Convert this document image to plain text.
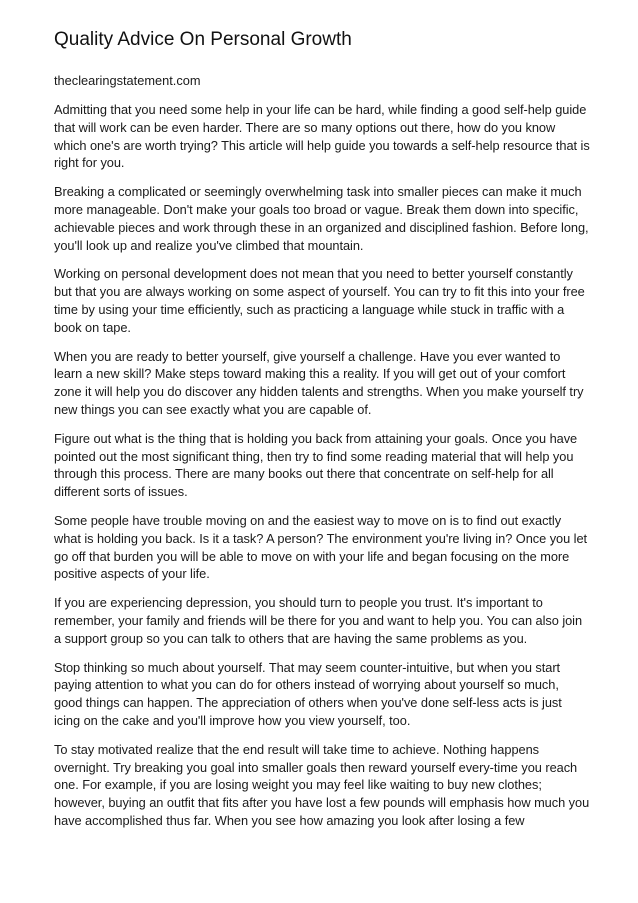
Quality Advice On Personal Growth

theclearingstatement.com

Admitting that you need some help in your life can be hard, while finding a good self-help guide that will work can be even harder. There are so many options out there, how do you know which one's are worth trying? This article will help guide you towards a self-help resource that is right for you.

Breaking a complicated or seemingly overwhelming task into smaller pieces can make it much more manageable. Don't make your goals too broad or vague. Break them down into specific, achievable pieces and work through these in an organized and disciplined fashion. Before long, you'll look up and realize you've climbed that mountain.

Working on personal development does not mean that you need to better yourself constantly but that you are always working on some aspect of yourself. You can try to fit this into your free time by using your time efficiently, such as practicing a language while stuck in traffic with a book on tape.

When you are ready to better yourself, give yourself a challenge. Have you ever wanted to learn a new skill? Make steps toward making this a reality. If you will get out of your comfort zone it will help you do discover any hidden talents and strengths. When you make yourself try new things you can see exactly what you are capable of.

Figure out what is the thing that is holding you back from attaining your goals. Once you have pointed out the most significant thing, then try to find some reading material that will help you through this process. There are many books out there that concentrate on self-help for all different sorts of issues.

Some people have trouble moving on and the easiest way to move on is to find out exactly what is holding you back. Is it a task? A person? The environment you're living in? Once you let go off that burden you will be able to move on with your life and began focusing on the more positive aspects of your life.

If you are experiencing depression, you should turn to people you trust. It's important to remember, your family and friends will be there for you and want to help you. You can also join a support group so you can talk to others that are having the same problems as you.

Stop thinking so much about yourself. That may seem counter-intuitive, but when you start paying attention to what you can do for others instead of worrying about yourself so much, good things can happen. The appreciation of others when you've done self-less acts is just icing on the cake and you'll improve how you view yourself, too.

To stay motivated realize that the end result will take time to achieve. Nothing happens overnight. Try breaking you goal into smaller goals then reward yourself every-time you reach one. For example, if you are losing weight you may feel like waiting to buy new clothes; however, buying an outfit that fits after you have lost a few pounds will emphasis how much you have accomplished thus far. When you see how amazing you look after losing a few
